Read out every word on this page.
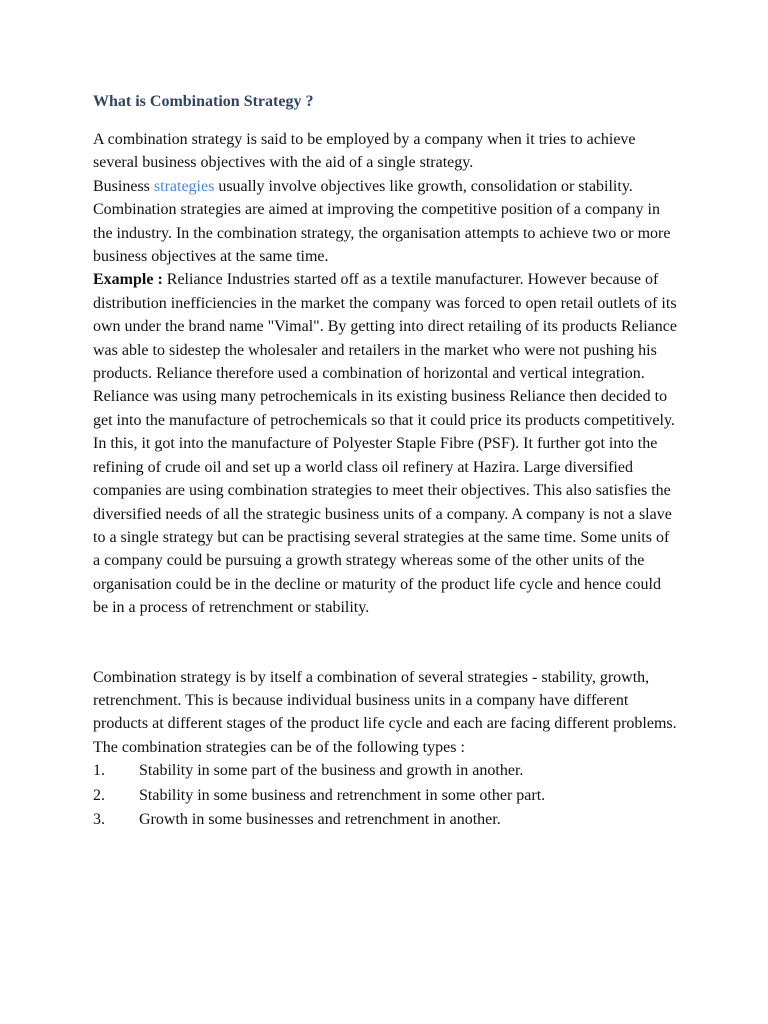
What is Combination Strategy ?

A combination strategy is said to be employed by a company when it tries to achieve several business objectives with the aid of a single strategy.

Business strategies usually involve objectives like growth, consolidation or stability. Combination strategies are aimed at improving the competitive position of a company in the industry. In the combination strategy, the organisation attempts to achieve two or more business objectives at the same time.

Example : Reliance Industries started off as a textile manufacturer. However because of distribution inefficiencies in the market the company was forced to open retail outlets of its own under the brand name "Vimal". By getting into direct retailing of its products Reliance was able to sidestep the wholesaler and retailers in the market who were not pushing his products. Reliance therefore used a combination of horizontal and vertical integration. Reliance was using many petrochemicals in its existing business Reliance then decided to get into the manufacture of petrochemicals so that it could price its products competitively. In this, it got into the manufacture of Polyester Staple Fibre (PSF). It further got into the refining of crude oil and set up a world class oil refinery at Hazira. Large diversified companies are using combination strategies to meet their objectives. This also satisfies the diversified needs of all the strategic business units of a company. A company is not a slave to a single strategy but can be practising several strategies at the same time. Some units of a company could be pursuing a growth strategy whereas some of the other units of the organisation could be in the decline or maturity of the product life cycle and hence could be in a process of retrenchment or stability.

Combination strategy is by itself a combination of several strategies - stability, growth, retrenchment. This is because individual business units in a company have different products at different stages of the product life cycle and each are facing different problems. The combination strategies can be of the following types :

1. Stability in some part of the business and growth in another.
2. Stability in some business and retrenchment in some other part.
3. Growth in some businesses and retrenchment in another.
